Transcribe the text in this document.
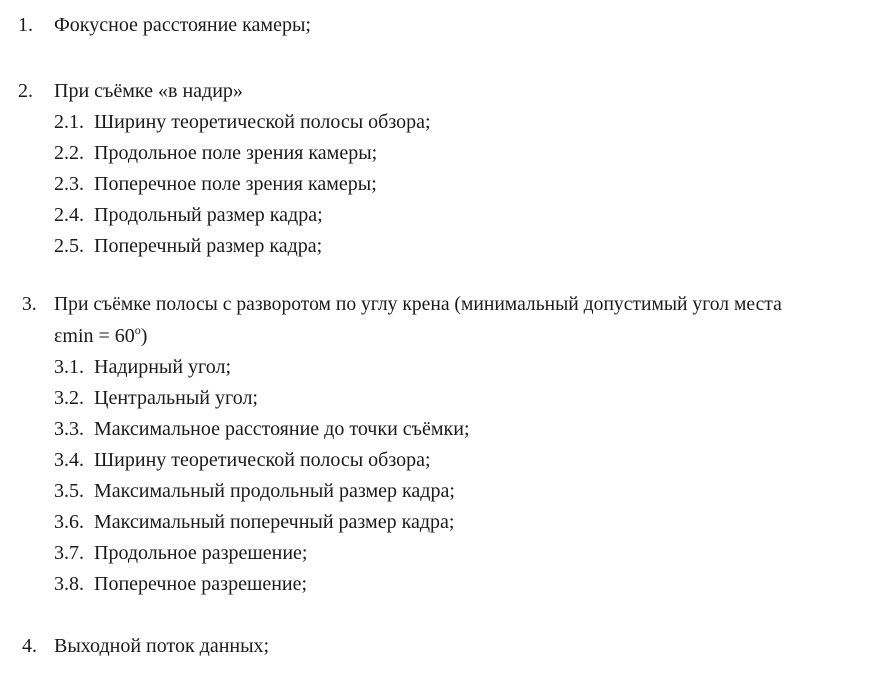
1. Фокусное расстояние камеры;
2. При съёмке «в надир»
2.1. Ширину теоретической полосы обзора;
2.2. Продольное поле зрения камеры;
2.3. Поперечное поле зрения камеры;
2.4. Продольный размер кадра;
2.5. Поперечный размер кадра;
3. При съёмке полосы с разворотом по углу крена (минимальный допустимый угол места
$\varepsilon\min = 60^o$)
3.1. Надирный угол;
3.2. Центральный угол;
3.3. Максимальное расстояние до точки съёмки;
3.4. Ширину теоретической полосы обзора;
3.5. Максимальный продольный размер кадра;
3.6. Максимальный поперечный размер кадра;
3.7. Продольное разрешение;
3.8. Поперечное разрешение;
4. Выходной поток данных;
